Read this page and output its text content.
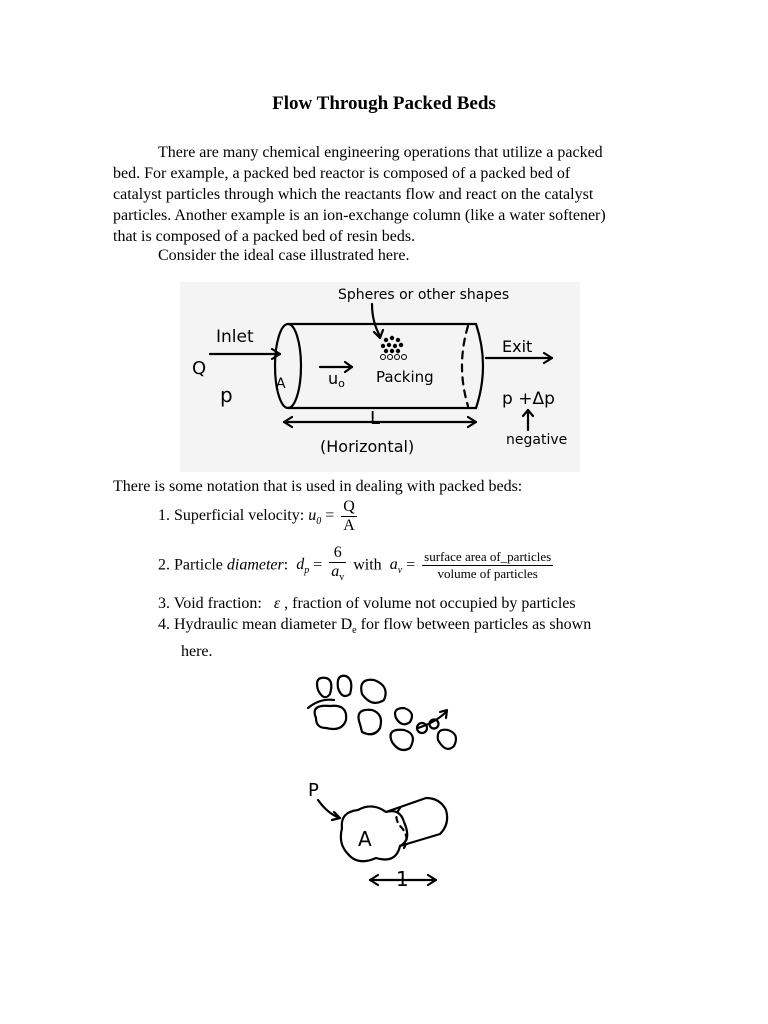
Flow Through Packed Beds
There are many chemical engineering operations that utilize a packed
bed. For example, a packed bed reactor is composed of a packed bed of
catalyst particles through which the reactants flow and react on the catalyst
particles. Another example is an ion-exchange column (like a water softener)
that is composed of a packed bed of resin beds.
Consider the ideal case illustrated here.
Spheres or other shapes
Inlet
Q
p	A	uo Packing
Exit
p +Δp
L
(Horizontal)	negative
There is some notation that is used in dealing with packed beds:
1. Superficial velocity: $u_0 = \frac{Q}{A}$
2. Particle diameter: $d_p = \frac{6}{a_v}$ with $a_v = \frac{\text{surface area of\_particles}}{\text{volume of particles}}$
3. Void fraction: ε , fraction of volume not occupied by particles
4. Hydraulic mean diameter $D_e$ for flow between particles as shown
here.
P
A
1
